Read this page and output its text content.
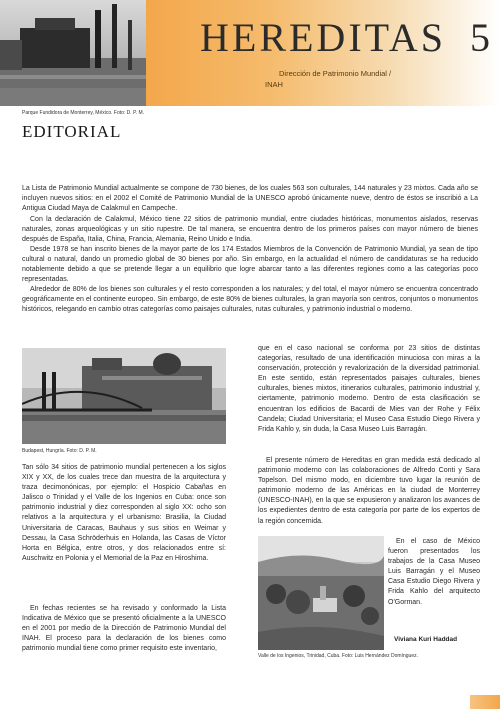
HEREDITAS 5
Dirección de Patrimonio Mundial /
INAH
Parque Fundidora de Monterrey, México. Foto: D. P. M.
EDITORIAL

La Lista de Patrimonio Mundial actualmente se compone de 730 bienes, de los cuales 563 son culturales, 144 naturales y 23 mixtos. Cada año se incluyen nuevos sitios: en el 2002 el Comité de Patrimonio Mundial de la UNESCO aprobó únicamente nueve, dentro de éstos se inscribió a La Antigua Ciudad Maya de Calakmul en Campeche.

Con la declaración de Calakmul, México tiene 22 sitios de patrimonio mundial, entre ciudades históricas, monumentos aislados, reservas naturales, zonas arqueológicas y un sitio rupestre. De tal manera, se encuentra dentro de los primeros países con mayor número de bienes después de España, Italia, China, Francia, Alemania, Reino Unido e India.

Desde 1978 se han inscrito bienes de la mayor parte de los 174 Estados Miembros de la Convención de Patrimonio Mundial, ya sean de tipo cultural o natural, dando un promedio global de 30 bienes por año. Sin embargo, en la actualidad el número de candidaturas se ha reducido notablemente debido a que se pretende llegar a un equilibrio que logre abarcar tanto a las diferentes regiones como a las categorías poco representadas.

Alrededor de 80% de los bienes son culturales y el resto corresponden a los naturales; y del total, el mayor número se encuentra concentrado geográficamente en el continente europeo. Sin embargo, de este 80% de bienes culturales, la gran mayoría son centros, conjuntos o monumentos históricos, relegando en cambio otras categorías como paisajes culturales, rutas culturales, y patrimonio industrial o moderno.

Budapest, Hungría. Foto: D. P. M.

Tan sólo 34 sitios de patrimonio mundial pertenecen a los siglos XIX y XX, de los cuales trece dan muestra de la arquitectura y traza decimonónicas, por ejemplo: el Hospicio Cabañas en Jalisco o Trinidad y el Valle de los Ingenios en Cuba: once son patrimonio industrial y diez corresponden al siglo XX: ocho son relativos a la arquitectura y el urbanismo: Brasilia, la Ciudad Universitaria de Caracas, Bauhaus y sus sitios en Weimar y Dessau, la Casa Schröderhuis en Holanda, las Casas de Víctor Horta en Bélgica, entre otros, y dos relacionados entre sí: Auschwitz en Polonia y el Memorial de la Paz en Hiroshima.

En fechas recientes se ha revisado y conformado la Lista Indicativa de México que se presentó oficialmente a la UNESCO en el 2001 por medio de la Dirección de Patrimonio Mundial del INAH. El proceso para la declaración de los bienes como patrimonio mundial tiene como primer requisito este inventario,

que en el caso nacional se conforma por 23 sitios de distintas categorías, resultado de una identificación minuciosa con miras a la conservación, protección y revalorización de la diversidad patrimonial. En este sentido, están representados paisajes culturales, bienes culturales, bienes mixtos, itinerarios culturales, patrimonio industrial y, ciertamente, patrimonio moderno. Dentro de esta clasificación se encuentran los edificios de Bacardi de Mies van der Rohe y Félix Candela; Ciudad Universitaria; el Museo Casa Estudio Diego Rivera y Frida Kahlo y, sin duda, la Casa Museo Luis Barragán.

El presente número de Hereditas en gran medida está dedicado al patrimonio moderno con las colaboraciones de Alfredo Conti y Sara Topelson. Del mismo modo, en diciembre tuvo lugar la reunión de patrimonio moderno de las Américas en la ciudad de Monterrey (UNESCO-INAH), en la que se expusieron y analizaron los avances de los expedientes dentro de esta categoría por parte de los expertos de la región concernida.

Valle de los Ingenios, Trinidad, Cuba. Foto: Luis Hernández Domínguez.

En el caso de México fueron presentados los trabajos de la Casa Museo Luis Barragán y el Museo Casa Estudio Diego Rivera y Frida Kahlo del arquitecto O'Gorman.

Viviana Kuri Haddad
